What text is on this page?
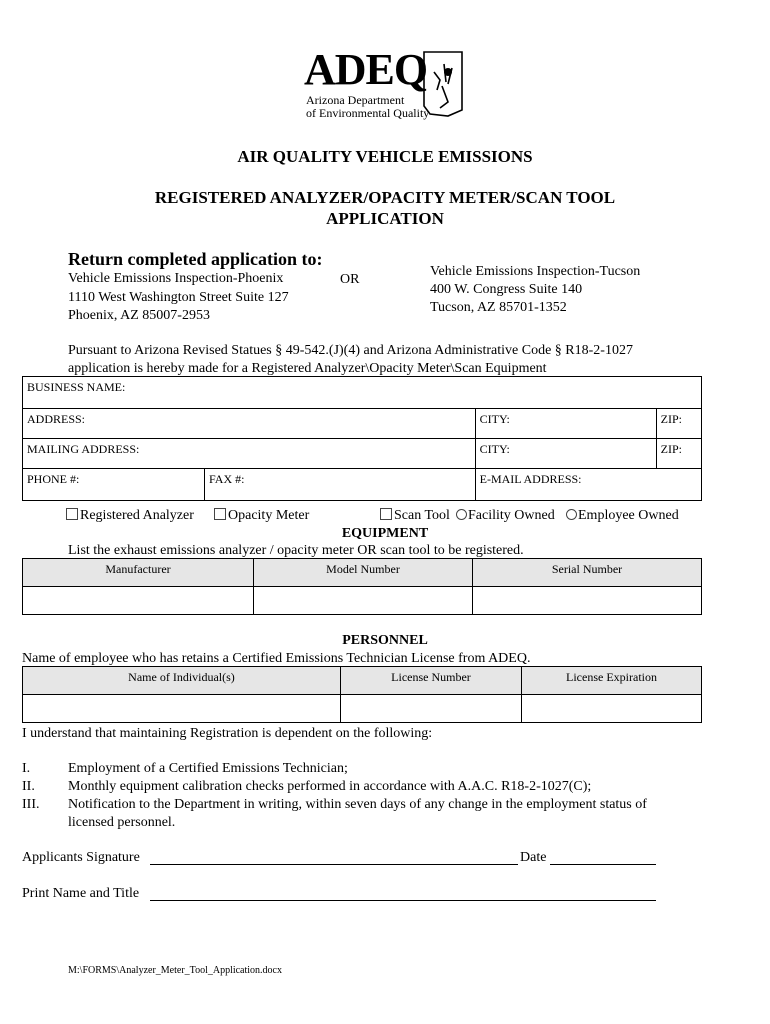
ADEQ
Arizona Department
of Environmental Quality
AIR QUALITY VEHICLE EMISSIONS
REGISTERED ANALYZER/OPACITY METER/SCAN TOOL
APPLICATION
Return completed application to:
Vehicle Emissions Inspection-Phoenix
1110 West Washington Street Suite 127
Phoenix, AZ 85007-2953
OR
Vehicle Emissions Inspection-Tucson
400 W. Congress Suite 140
Tucson, AZ 85701-1352
Pursuant to Arizona Revised Statues § 49-542.(J)(4) and Arizona Administrative Code § R18-2-1027
application is hereby made for a Registered Analyzer\Opacity Meter\Scan Equipment
BUSINESS NAME:			

ADDRESS:		CITY:	ZIP:

MAILING ADDRESS:		CITY:	ZIP:

PHONE #:	FAX #:	E-MAIL ADDRESS:	
Registered Analyzer	Opacity Meter	Scan Tool	Facility Owned	Employee Owned
EQUIPMENT
List the exhaust emissions analyzer / opacity meter OR scan tool to be registered.
Manufacturer	Model Number	Serial Number

PERSONNEL
Name of employee who has retains a Certified Emissions Technician License from ADEQ.
Name of Individual(s)	License Number	License Expiration

I understand that maintaining Registration is dependent on the following:
I.	Employment of a Certified Emissions Technician;
II. Monthly equipment calibration checks performed in accordance with A.A.C. R18-2-1027(C);
III. Notification to the Department in writing, within seven days of any change in the employment status of
licensed personnel.
Applicants Signature	Date
Print Name and Title
M:\FORMS\Analyzer_Meter_Tool_Application.docx
